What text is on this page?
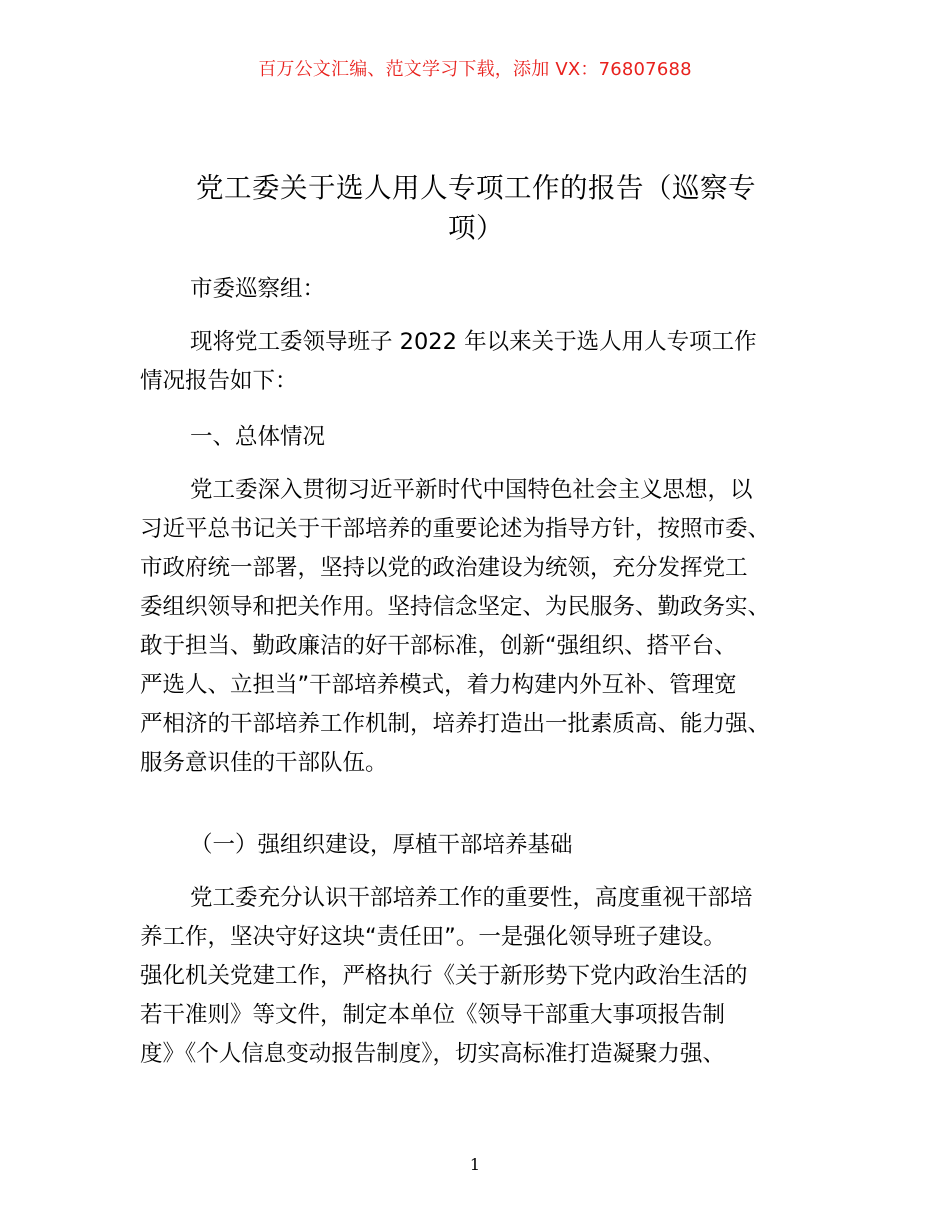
百万公文汇编、范文学习下载，添加 VX：76807688
党工委关于选人用人专项工作的报告（巡察专
项）
市委巡察组：
现将党工委领导班子 2022 年以来关于选人用人专项工作
情况报告如下：
一、总体情况
党工委深入贯彻习近平新时代中国特色社会主义思想，以
习近平总书记关于干部培养的重要论述为指导方针，按照市委、
市政府统一部署，坚持以党的政治建设为统领，充分发挥党工
委组织领导和把关作用。坚持信念坚定、为民服务、勤政务实、
敢于担当、勤政廉洁的好干部标准，创新“强组织、搭平台、
严选人、立担当”干部培养模式，着力构建内外互补、管理宽
严相济的干部培养工作机制，培养打造出一批素质高、能力强、
服务意识佳的干部队伍。
（一）强组织建设，厚植干部培养基础
党工委充分认识干部培养工作的重要性，高度重视干部培
养工作，坚决守好这块“责任田”。一是强化领导班子建设。
强化机关党建工作，严格执行《关于新形势下党内政治生活的
若干准则》等文件，制定本单位《领导干部重大事项报告制
度》《个人信息变动报告制度》，切实高标准打造凝聚力强、
1
